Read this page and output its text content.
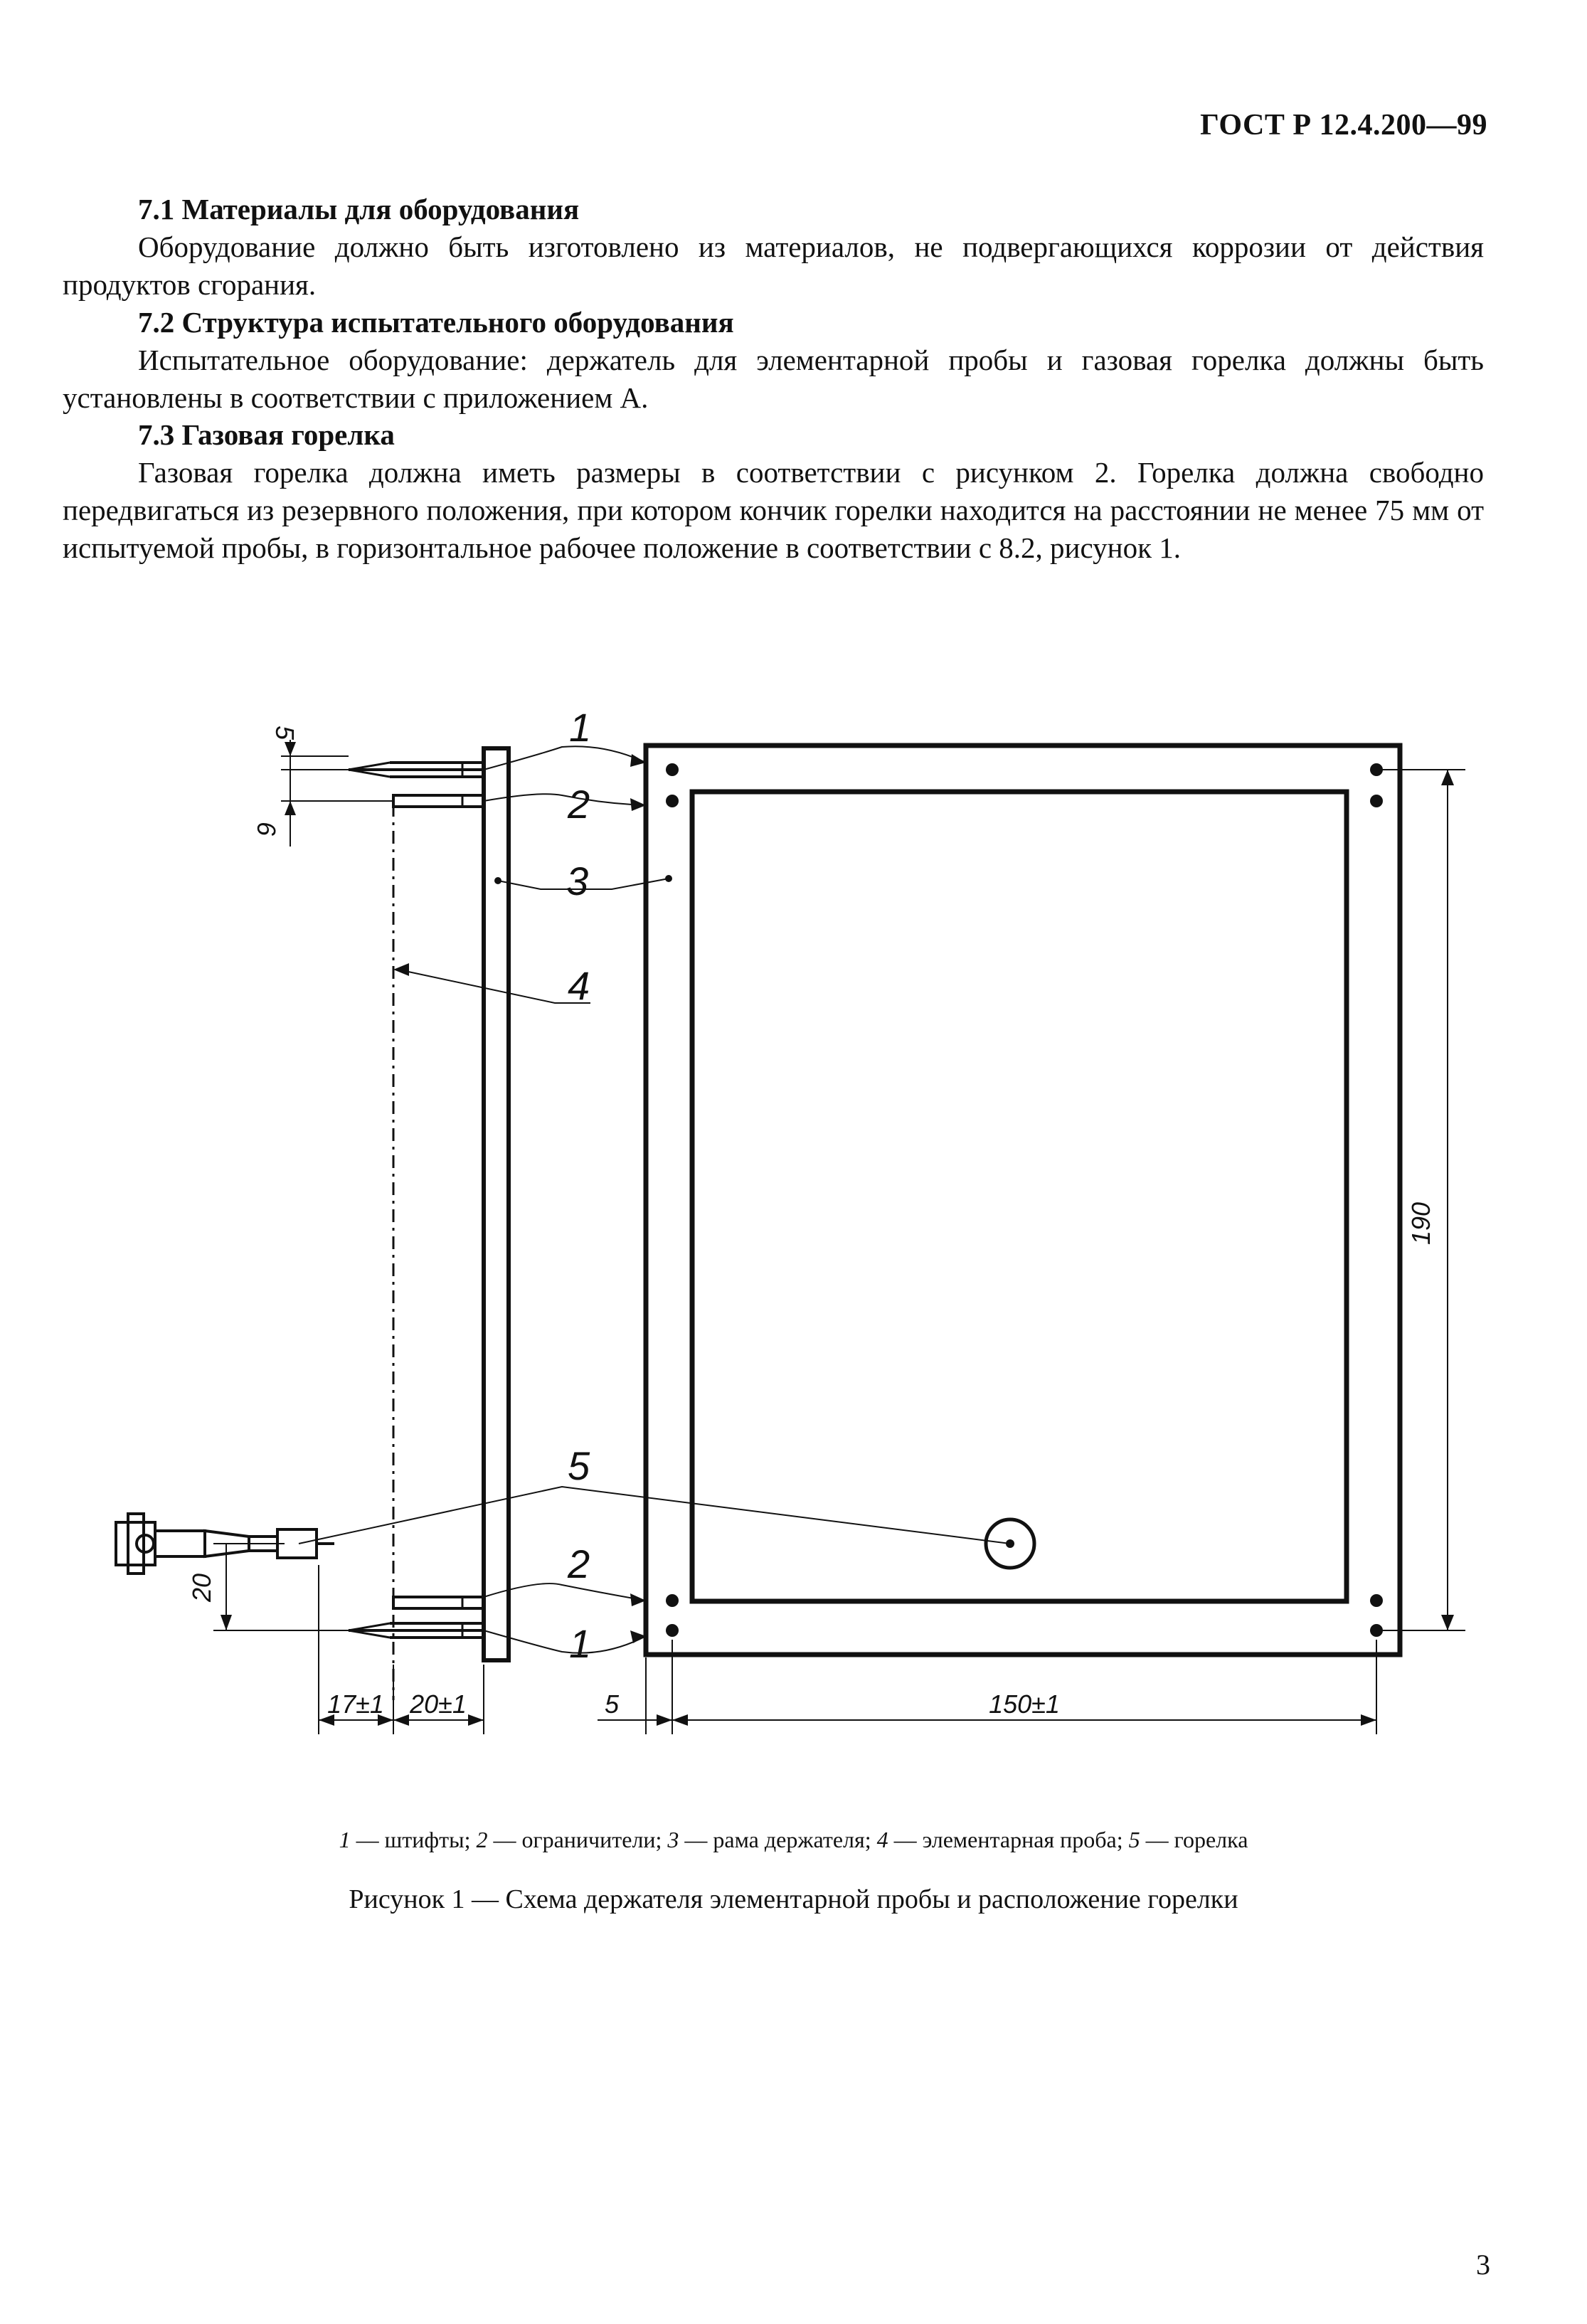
ГОСТ Р 12.4.200—99

7.1 Материалы для оборудования

Оборудование должно быть изготовлено из материалов, не подвергающихся коррозии от действия продуктов сгорания.

7.2 Структура испытательного оборудования

Испытательное оборудование: держатель для элементарной пробы и газовая горелка должны быть установлены в соответствии с приложением А.

7.3 Газовая горелка

Газовая горелка должна иметь размеры в соответствии с рисунком 2. Горелка должна свободно передвигаться из резервного положения, при котором кончик горелки находится на расстоянии не менее 75 мм от испытуемой пробы, в горизонтальное рабочее положение в соответствии с 8.2, рисунок 1.

1
2
3
4
5
2
1
5
6
190
20
17±1 20±1	5	150±1
1 — штифты; 2 — ограничители; 3 — рама держателя; 4 — элементарная проба; 5 — горелка
Рисунок 1 — Схема держателя элементарной пробы и расположение горелки
3
